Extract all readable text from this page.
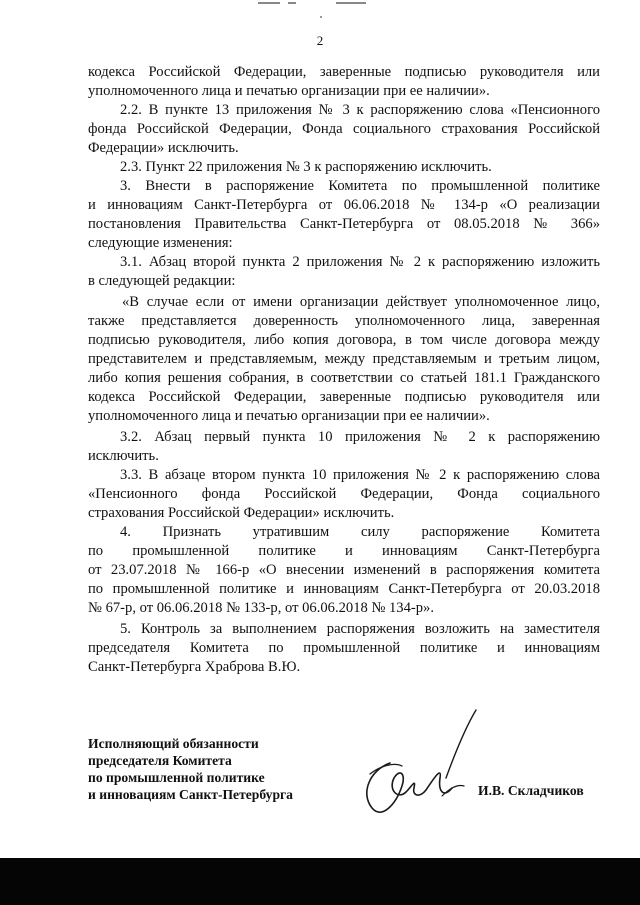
2
кодекса Российской Федерации, заверенные подписью руководителя или
уполномоченного лица и печатью организации при ее наличии».
2.2. В пункте 13 приложения № 3 к распоряжению слова «Пенсионного
фонда Российской Федерации, Фонда социального страхования Российской
Федерации» исключить.
2.3. Пункт 22 приложения № 3 к распоряжению исключить.
3. Внести в распоряжение Комитета по промышленной политике
и инновациям Санкт-Петербурга от 06.06.2018 № 134-р «О реализации
постановления Правительства Санкт-Петербурга от 08.05.2018 № 366»
следующие изменения:
3.1. Абзац второй пункта 2 приложения № 2 к распоряжению изложить
в следующей редакции:
«В случае если от имени организации действует уполномоченное лицо,
также представляется доверенность уполномоченного лица, заверенная
подписью руководителя, либо копия договора, в том числе договора между
представителем и представляемым, между представляемым и третьим лицом,
либо копия решения собрания, в соответствии со статьей 181.1 Гражданского
кодекса Российской Федерации, заверенные подписью руководителя или
уполномоченного лица и печатью организации при ее наличии».
3.2. Абзац первый пункта 10 приложения № 2 к распоряжению
исключить.
3.3. В абзаце втором пункта 10 приложения № 2 к распоряжению слова
«Пенсионного фонда Российской Федерации, Фонда социального
страхования Российской Федерации» исключить.
4. Признать утратившим силу распоряжение Комитета
по промышленной политике и инновациям Санкт-Петербурга
от 23.07.2018 № 166-р «О внесении изменений в распоряжения комитета
по промышленной политике и инновациям Санкт-Петербурга от 20.03.2018
№ 67-р, от 06.06.2018 № 133-р, от 06.06.2018 № 134-р».
5. Контроль за выполнением распоряжения возложить на заместителя
председателя Комитета по промышленной политике и инновациям
Санкт-Петербурга Храброва В.Ю.
Исполняющий обязанности
председателя Комитета
по промышленной политике
и инновациям Санкт-Петербурга	И.В. Складчиков
